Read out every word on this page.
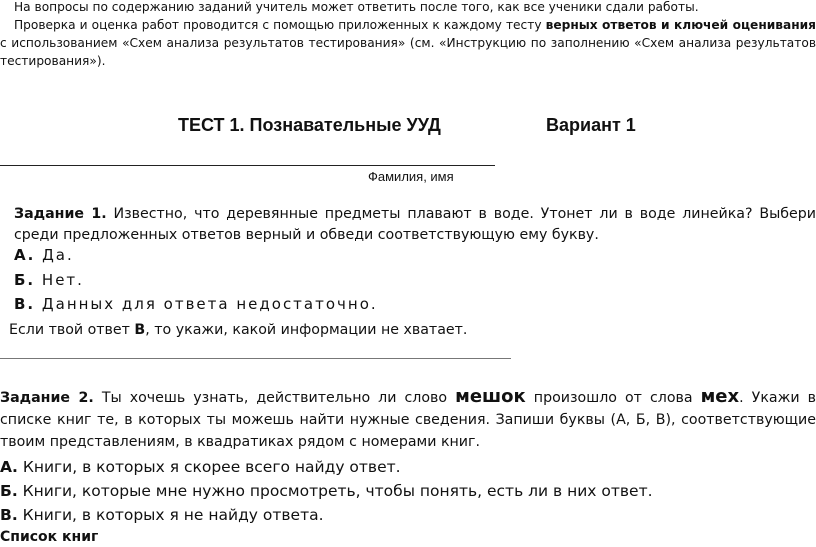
На вопросы по содержанию заданий учитель может ответить после того, как все ученики сдали работы.
Проверка и оценка работ проводится с помощью приложенных к каждому тесту верных ответов и ключей оценивания с использованием «Схем анализа результатов тестирования» (см. «Инструкцию по заполнению «Схем анализа результатов тестирования»).
ТЕСТ 1. Познавательные УУД	Вариант 1
Фамилия, имя
Задание 1. Известно, что деревянные предметы плавают в воде. Утонет ли в воде линейка? Выбери среди предложенных ответов верный и обведи соответствующую ему букву.
А. Да.
Б. Нет.
В. Данных для ответа недостаточно.
Если твой ответ В, то укажи, какой информации не хватает.
Задание 2. Ты хочешь узнать, действительно ли слово мешок произошло от слова мех. Укажи в списке книг те, в которых ты можешь найти нужные сведения. Запиши буквы (А, Б, В), соответствующие твоим представлениям, в квадратиках рядом с номерами книг.
А. Книги, в которых я скорее всего найду ответ.
Б. Книги, которые мне нужно просмотреть, чтобы понять, есть ли в них ответ.
В. Книги, в которых я не найду ответа.
Список книг
